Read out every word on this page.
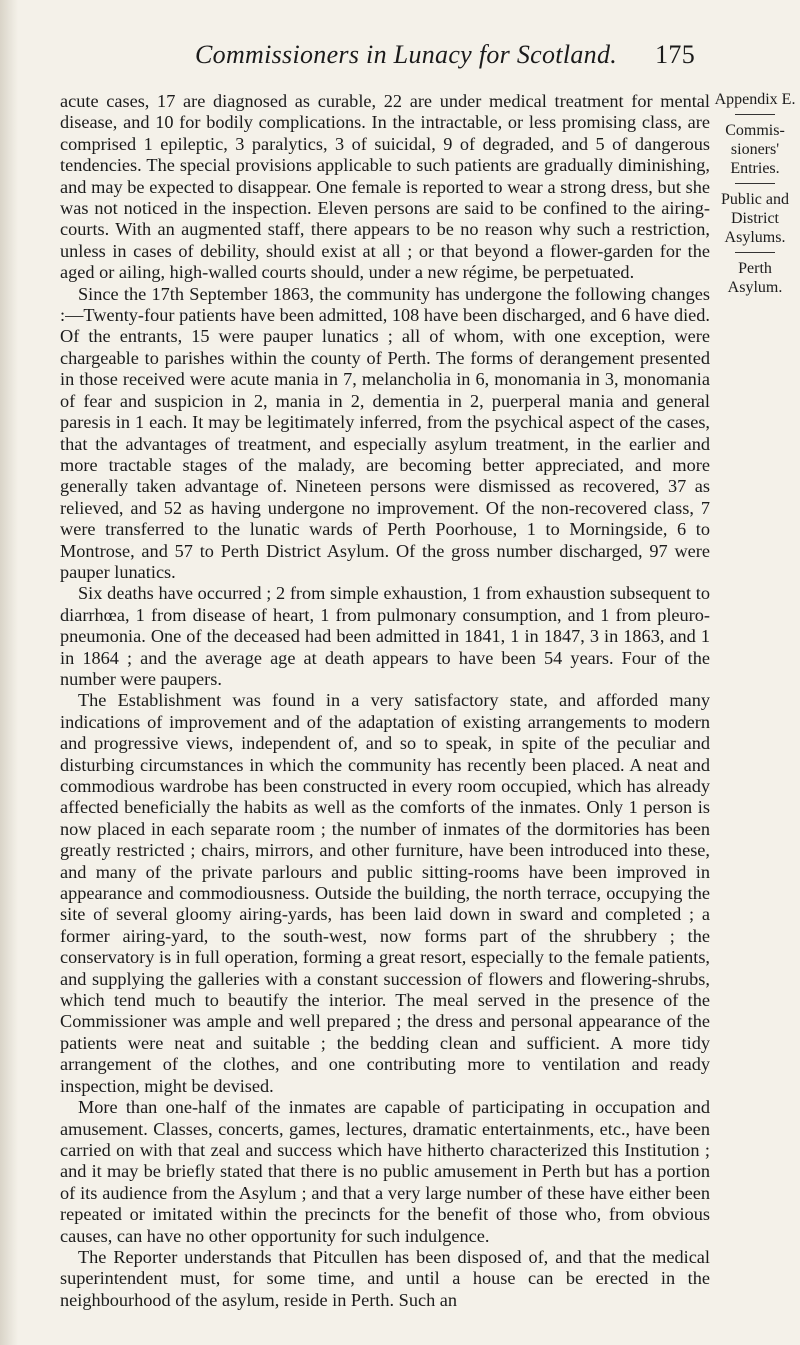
Commissioners in Lunacy for Scotland. 175

acute cases, 17 are diagnosed as curable, 22 are under medical treatment for mental disease, and 10 for bodily complications. In the intractable, or less promising class, are comprised 1 epileptic, 3 paralytics, 3 of suicidal, 9 of degraded, and 5 of dangerous tendencies. The special provisions applicable to such patients are gradually diminishing, and may be expected to disappear. One female is reported to wear a strong dress, but she was not noticed in the inspection. Eleven persons are said to be confined to the airing-courts. With an augmented staff, there appears to be no reason why such a restriction, unless in cases of debility, should exist at all ; or that beyond a flower-garden for the aged or ailing, high-walled courts should, under a new régime, be perpetuated.

Since the 17th September 1863, the community has undergone the following changes :—Twenty-four patients have been admitted, 108 have been discharged, and 6 have died. Of the entrants, 15 were pauper lunatics ; all of whom, with one exception, were chargeable to parishes within the county of Perth. The forms of derangement presented in those received were acute mania in 7, melancholia in 6, monomania in 3, monomania of fear and suspicion in 2, mania in 2, dementia in 2, puerperal mania and general paresis in 1 each. It may be legitimately inferred, from the psychical aspect of the cases, that the advantages of treatment, and especially asylum treatment, in the earlier and more tractable stages of the malady, are becoming better appreciated, and more generally taken advantage of. Nineteen persons were dismissed as recovered, 37 as relieved, and 52 as having undergone no improvement. Of the non-recovered class, 7 were transferred to the lunatic wards of Perth Poorhouse, 1 to Morningside, 6 to Montrose, and 57 to Perth District Asylum. Of the gross number discharged, 97 were pauper lunatics.

Six deaths have occurred ; 2 from simple exhaustion, 1 from exhaustion subsequent to diarrhœa, 1 from disease of heart, 1 from pulmonary consumption, and 1 from pleuro-pneumonia. One of the deceased had been admitted in 1841, 1 in 1847, 3 in 1863, and 1 in 1864 ; and the average age at death appears to have been 54 years. Four of the number were paupers.

The Establishment was found in a very satisfactory state, and afforded many indications of improvement and of the adaptation of existing arrangements to modern and progressive views, independent of, and so to speak, in spite of the peculiar and disturbing circumstances in which the community has recently been placed. A neat and commodious wardrobe has been constructed in every room occupied, which has already affected beneficially the habits as well as the comforts of the inmates. Only 1 person is now placed in each separate room ; the number of inmates of the dormitories has been greatly restricted ; chairs, mirrors, and other furniture, have been introduced into these, and many of the private parlours and public sitting-rooms have been improved in appearance and commodiousness. Outside the building, the north terrace, occupying the site of several gloomy airing-yards, has been laid down in sward and completed ; a former airing-yard, to the south-west, now forms part of the shrubbery ; the conservatory is in full operation, forming a great resort, especially to the female patients, and supplying the galleries with a constant succession of flowers and flowering-shrubs, which tend much to beautify the interior. The meal served in the presence of the Commissioner was ample and well prepared ; the dress and personal appearance of the patients were neat and suitable ; the bedding clean and sufficient. A more tidy arrangement of the clothes, and one contributing more to ventilation and ready inspection, might be devised.

More than one-half of the inmates are capable of participating in occupation and amusement. Classes, concerts, games, lectures, dramatic entertainments, etc., have been carried on with that zeal and success which have hitherto characterized this Institution ; and it may be briefly stated that there is no public amusement in Perth but has a portion of its audience from the Asylum ; and that a very large number of these have either been repeated or imitated within the precincts for the benefit of those who, from obvious causes, can have no other opportunity for such indulgence.

The Reporter understands that Pitcullen has been disposed of, and that the medical superintendent must, for some time, and until a house can be erected in the neighbourhood of the asylum, reside in Perth. Such an

Appendix E.

Commis- sioners' Entries.

Public and District Asylums.

Perth Asylum.
